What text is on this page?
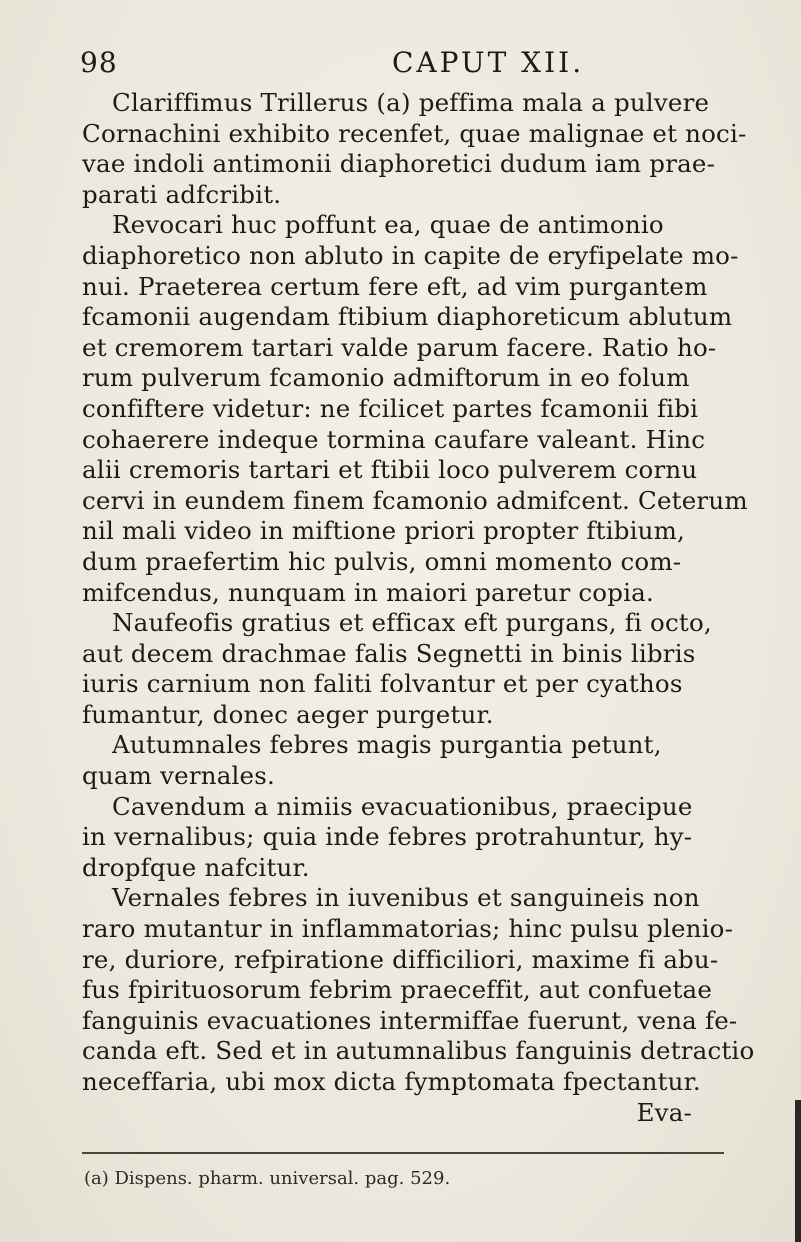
98	CAPUT XII.
Clariffimus Trillerus (a) peffima mala a pulvere
Cornachini exhibito recenfet, quae malignae et noci-
vae indoli antimonii diaphoretici dudum iam prae-
parati adfcribit.
Revocari huc poffunt ea, quae de antimonio
diaphoretico non abluto in capite de eryfipelate mo-
nui. Praeterea certum fere eft, ad vim purgantem
fcamonii augendam ftibium diaphoreticum ablutum
et cremorem tartari valde parum facere. Ratio ho-
rum pulverum fcamonio admiftorum in eo folum
confiftere videtur: ne fcilicet partes fcamonii fibi
cohaerere indeque tormina caufare valeant. Hinc
alii cremoris tartari et ftibii loco pulverem cornu
cervi in eundem finem fcamonio admifcent. Ceterum
nil mali video in miftione priori propter ftibium,
dum praefertim hic pulvis, omni momento com-
mifcendus, nunquam in maiori paretur copia.
Naufeofis gratius et efficax eft purgans, fi octo,
aut decem drachmae falis Segnetti in binis libris
iuris carnium non faliti folvantur et per cyathos
fumantur, donec aeger purgetur.
Autumnales febres magis purgantia petunt,
quam vernales.
Cavendum a nimiis evacuationibus, praecipue
in vernalibus; quia inde febres protrahuntur, hy-
dropfque nafcitur.
Vernales febres in iuvenibus et sanguineis non
raro mutantur in inflammatorias; hinc pulsu plenio-
re, duriore, refpiratione difficiliori, maxime fi abu-
fus fpirituosorum febrim praeceffit, aut confuetae
fanguinis evacuationes intermiffae fuerunt, vena fe-
canda eft. Sed et in autumnalibus fanguinis detractio
neceffaria, ubi mox dicta fymptomata fpectantur.
Eva-
(a) Dispens. pharm. universal. pag. 529.
